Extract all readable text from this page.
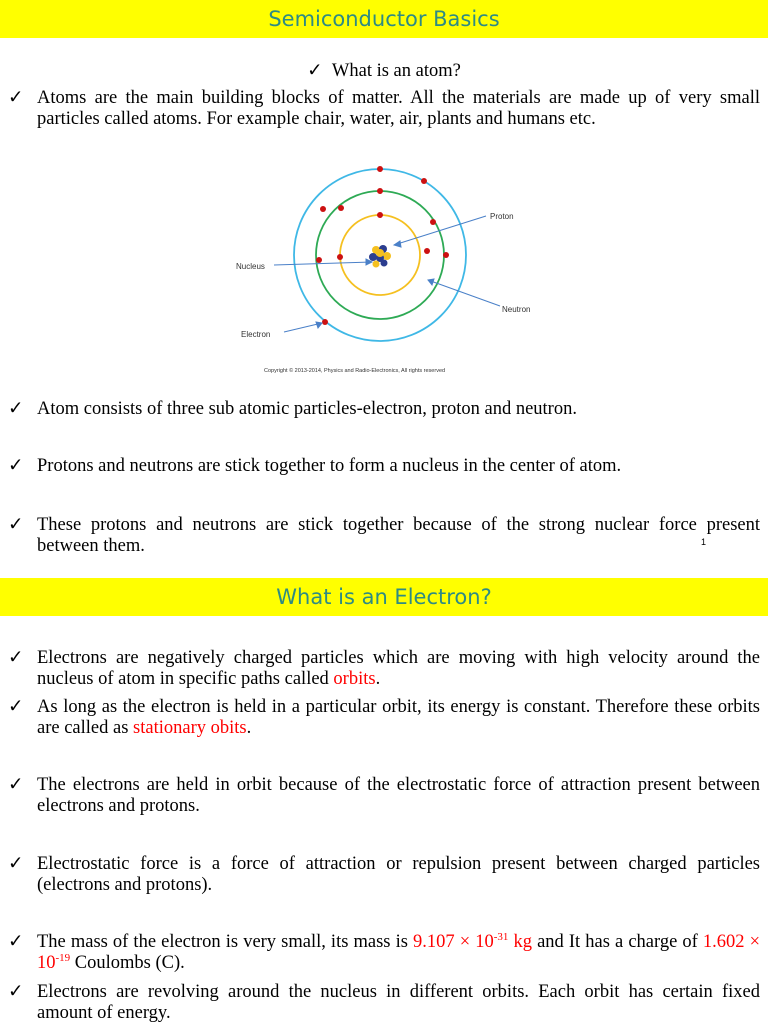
Semiconductor Basics
✓ What is an atom?
✓ Atoms are the main building blocks of matter. All the materials are made up of very small particles called atoms. For example chair, water, air, plants and humans etc.
Proton
Nucleus
Neutron
Electron
Copyright © 2013-2014, Physics and Radio-Electronics, All rights reserved
✓ Atom consists of three sub atomic particles-electron, proton and neutron.
✓ Protons and neutrons are stick together to form a nucleus in the center of atom.
✓ These protons and neutrons are stick together because of the strong nuclear force present between them.	1
What is an Electron?
✓ Electrons are negatively charged particles which are moving with high velocity around the nucleus of atom in specific paths called orbits.
✓ As long as the electron is held in a particular orbit, its energy is constant. Therefore these orbits are called as stationary obits.
✓ The electrons are held in orbit because of the electrostatic force of attraction present between electrons and protons.
✓ Electrostatic force is a force of attraction or repulsion present between charged particles (electrons and protons).
✓ The mass of the electron is very small, its mass is $9.107 \times 10^{-31}$ kg and It has a charge of $1.602 \times 10^{-19}$ Coulombs (C).
✓ Electrons are revolving around the nucleus in different orbits. Each orbit has certain fixed amount of energy.
